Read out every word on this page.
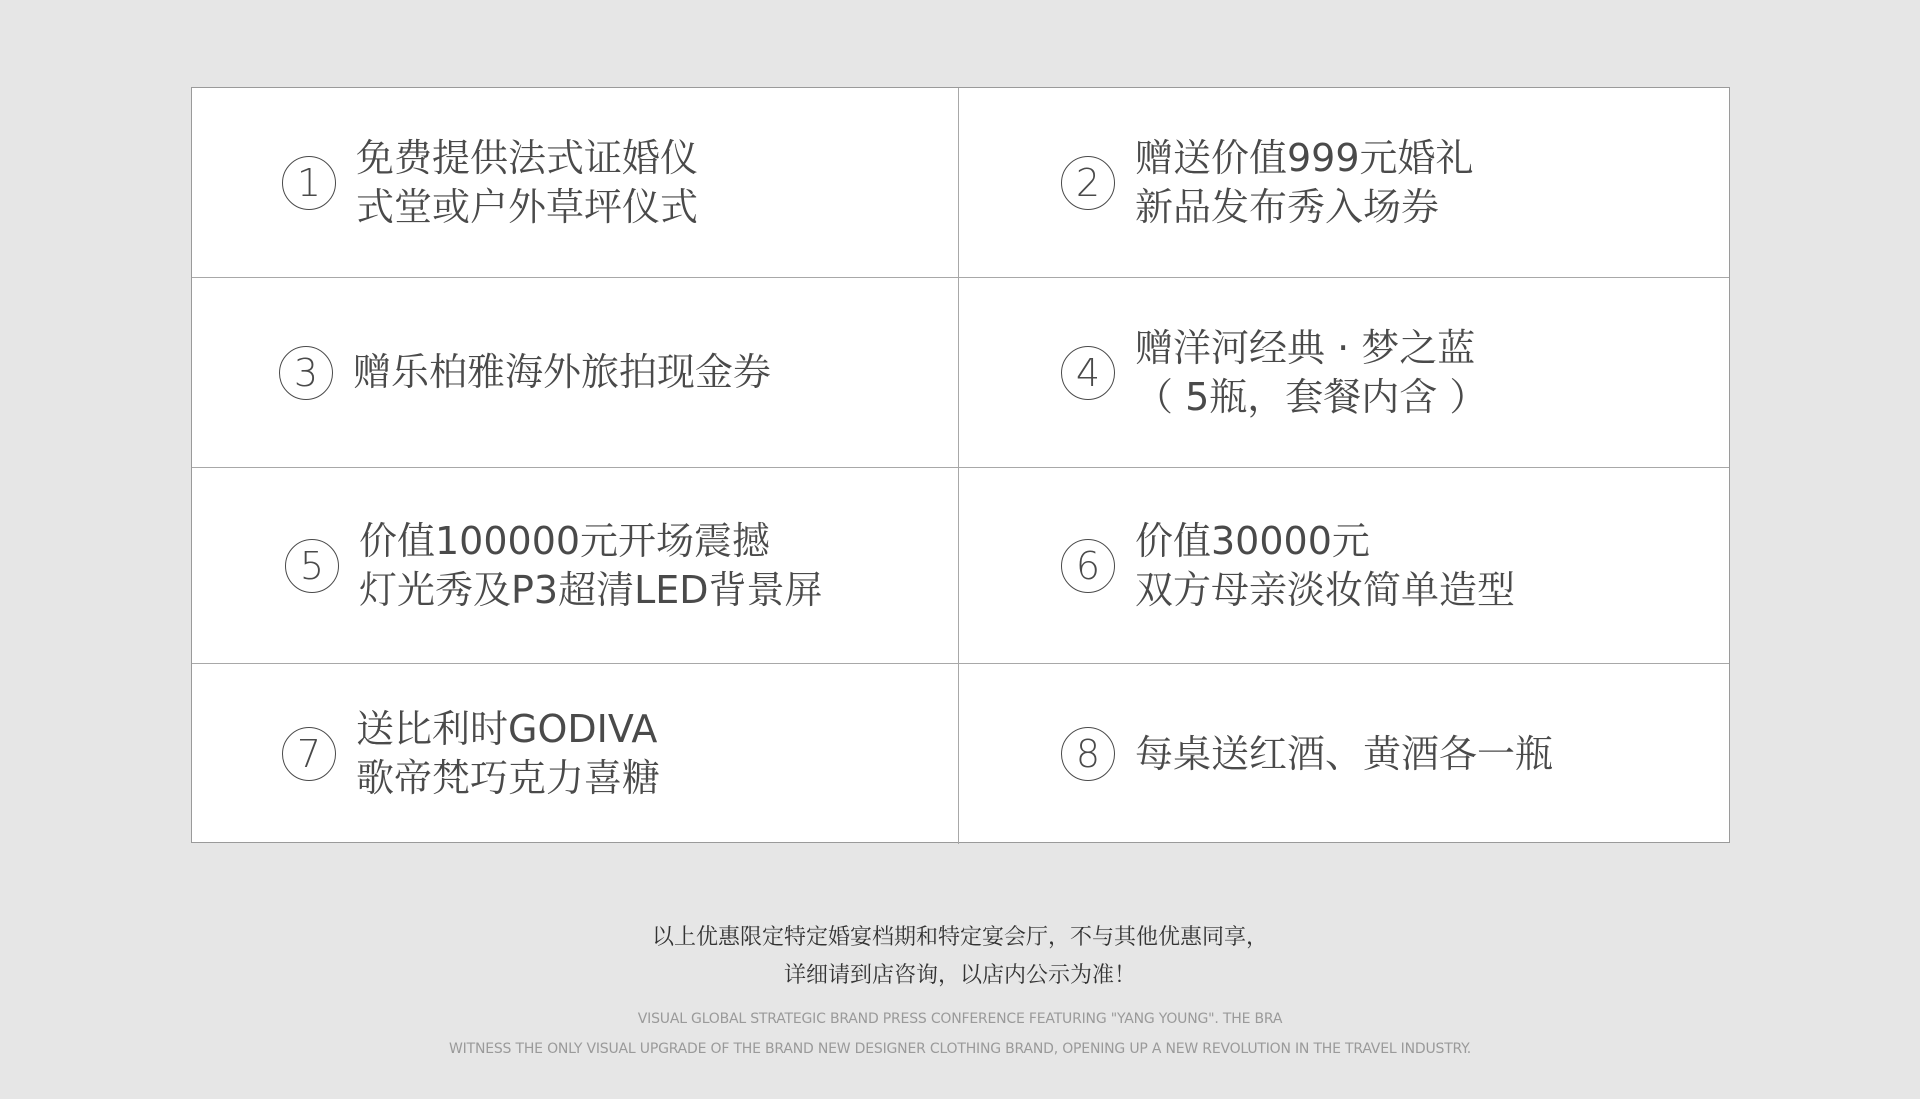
1
免费提供法式证婚仪
式堂或户外草坪仪式
2
赠送价值999元婚礼
新品发布秀入场券
3 赠乐柏雅海外旅拍现金券	4
赠洋河经典 · 梦之蓝
（ 5瓶，套餐内含 ）
5
价值100000元开场震撼
灯光秀及P3超清LED背景屏
6
价值30000元
双方母亲淡妆简单造型
7
送比利时GODIVA
歌帝梵巧克力喜糖
8 每桌送红酒、黄酒各一瓶
以上优惠限定特定婚宴档期和特定宴会厅，不与其他优惠同享，
详细请到店咨询，以店内公示为准！
VISUAL GLOBAL STRATEGIC BRAND PRESS CONFERENCE FEATURING "YANG YOUNG". THE BRA
WITNESS THE ONLY VISUAL UPGRADE OF THE BRAND NEW DESIGNER CLOTHING BRAND, OPENING UP A NEW REVOLUTION IN THE TRAVEL INDUSTRY.
